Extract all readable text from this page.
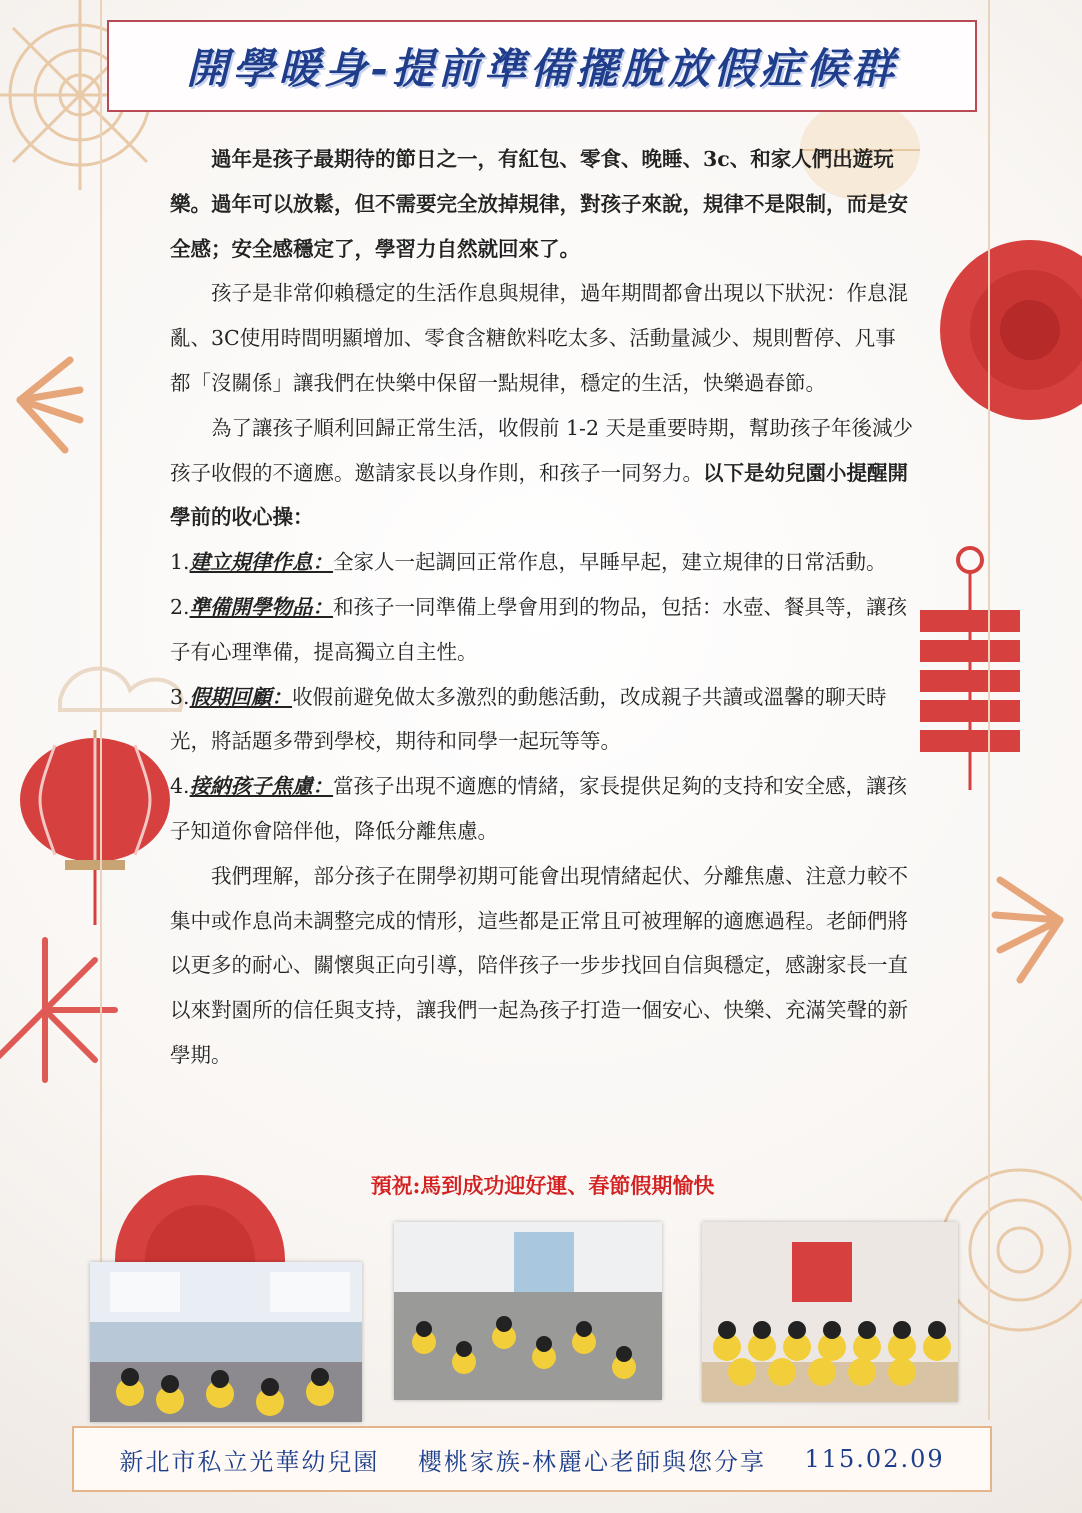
開學暖身-提前準備擺脫放假症候群

過年是孩子最期待的節日之一，有紅包、零食、晚睡、3c、和家人們出遊玩樂。過年可以放鬆，但不需要完全放掉規律，對孩子來說，規律不是限制，而是安全感；安全感穩定了，學習力自然就回來了。

孩子是非常仰賴穩定的生活作息與規律，過年期間都會出現以下狀況：作息混亂、3C使用時間明顯增加、零食含糖飲料吃太多、活動量減少、規則暫停、凡事都「沒關係」讓我們在快樂中保留一點規律，穩定的生活，快樂過春節。

為了讓孩子順利回歸正常生活，收假前 1-2 天是重要時期，幫助孩子年後減少孩子收假的不適應。邀請家長以身作則，和孩子一同努力。以下是幼兒園小提醒開學前的收心操：

1.建立規律作息：全家人一起調回正常作息，早睡早起，建立規律的日常活動。

2.準備開學物品：和孩子一同準備上學會用到的物品，包括：水壺、餐具等，讓孩子有心理準備，提高獨立自主性。

3.假期回顧：收假前避免做太多激烈的動態活動，改成親子共讀或溫馨的聊天時光，將話題多帶到學校，期待和同學一起玩等等。

4.接納孩子焦慮：當孩子出現不適應的情緒，家長提供足夠的支持和安全感，讓孩子知道你會陪伴他，降低分離焦慮。

我們理解，部分孩子在開學初期可能會出現情緒起伏、分離焦慮、注意力較不集中或作息尚未調整完成的情形，這些都是正常且可被理解的適應過程。老師們將以更多的耐心、關懷與正向引導，陪伴孩子一步步找回自信與穩定，感謝家長一直以來對園所的信任與支持，讓我們一起為孩子打造一個安心、快樂、充滿笑聲的新學期。

預祝:馬到成功迎好運、春節假期愉快
新北市私立光華幼兒園
櫻桃家族-林麗心老師與您分享
115.02.09
